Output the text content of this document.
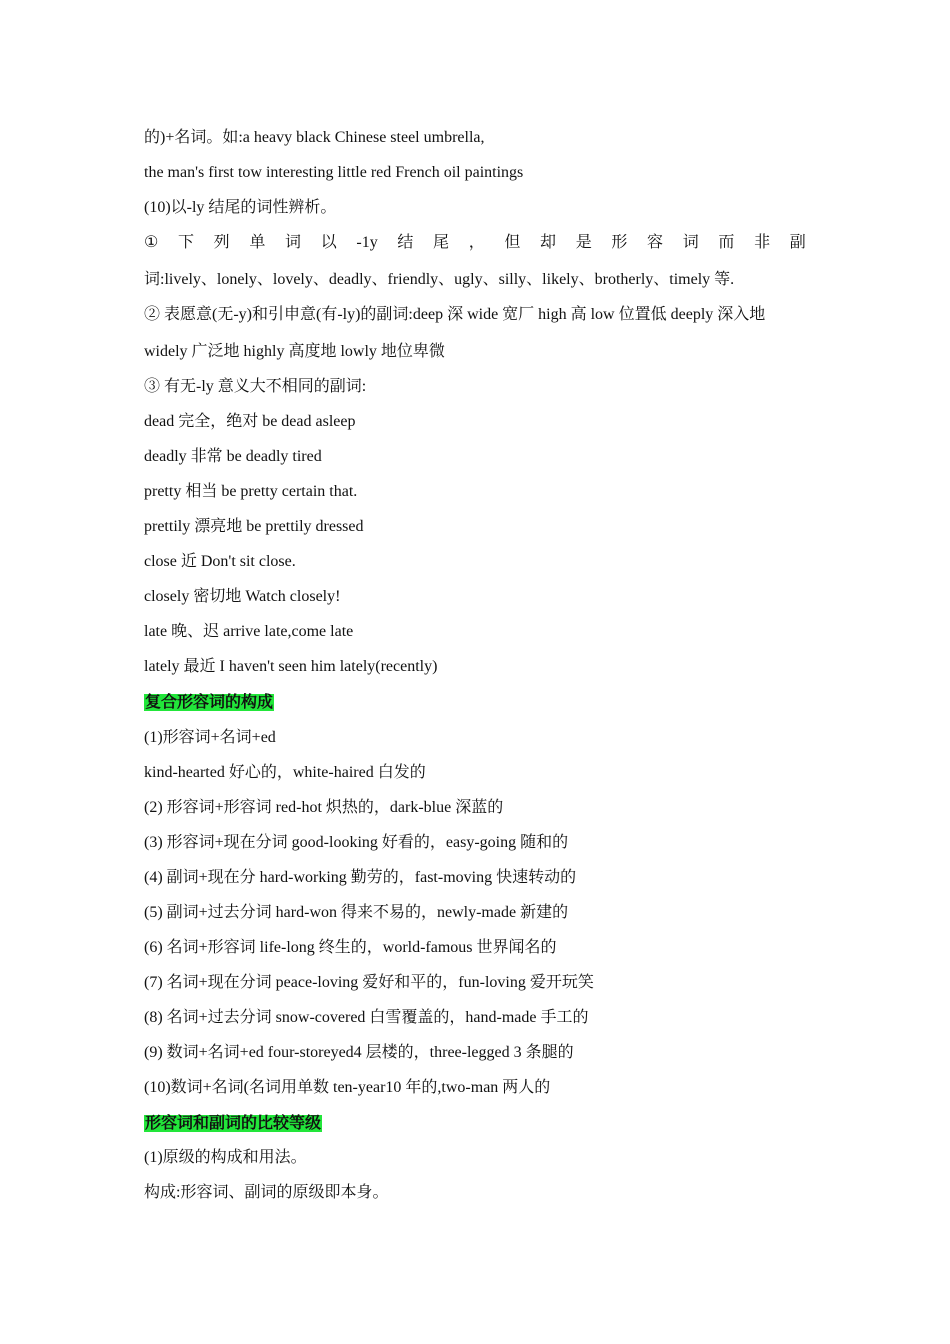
的)+名词。如:a heavy black Chinese steel umbrella,
the man's first tow interesting little red French oil paintings
(10)以-ly 结尾的词性辨析。
① 下 列 单 词 以 -1y 结 尾 ， 但 却 是 形 容 词 而 非 副
词:lively、lonely、lovely、deadly、friendly、ugly、silly、likely、brotherly、timely 等.
② 表愿意(无-y)和引申意(有-ly)的副词:deep 深 wide 宽厂 high 高 low 位置低 deeply 深入地
widely 广泛地 highly 高度地 lowly 地位卑微
③ 有无-ly 意义大不相同的副词:
dead 完全，绝对 be dead asleep
deadly 非常 be deadly tired
pretty 相当 be pretty certain that.
prettily 漂亮地 be prettily dressed
close 近 Don't sit close.
closely 密切地 Watch closely!
late 晚、迟 arrive late,come late
lately 最近 I haven't seen him lately(recently)
复合形容词的构成
(1)形容词+名词+ed
kind-hearted 好心的，white-haired 白发的
(2) 形容词+形容词 red-hot 炽热的，dark-blue 深蓝的
(3) 形容词+现在分词 good-looking 好看的，easy-going 随和的
(4) 副词+现在分 hard-working 勤劳的，fast-moving 快速转动的
(5) 副词+过去分词 hard-won 得来不易的，newly-made 新建的
(6) 名词+形容词 life-long 终生的，world-famous 世界闻名的
(7) 名词+现在分词 peace-loving 爱好和平的，fun-loving 爱开玩笑
(8) 名词+过去分词 snow-covered 白雪覆盖的，hand-made 手工的
(9) 数词+名词+ed four-storeyed4 层楼的，three-legged 3 条腿的
(10)数词+名词(名词用单数 ten-year10 年的,two-man 两人的
形容词和副词的比较等级
(1)原级的构成和用法。
构成:形容词、副词的原级即本身。
